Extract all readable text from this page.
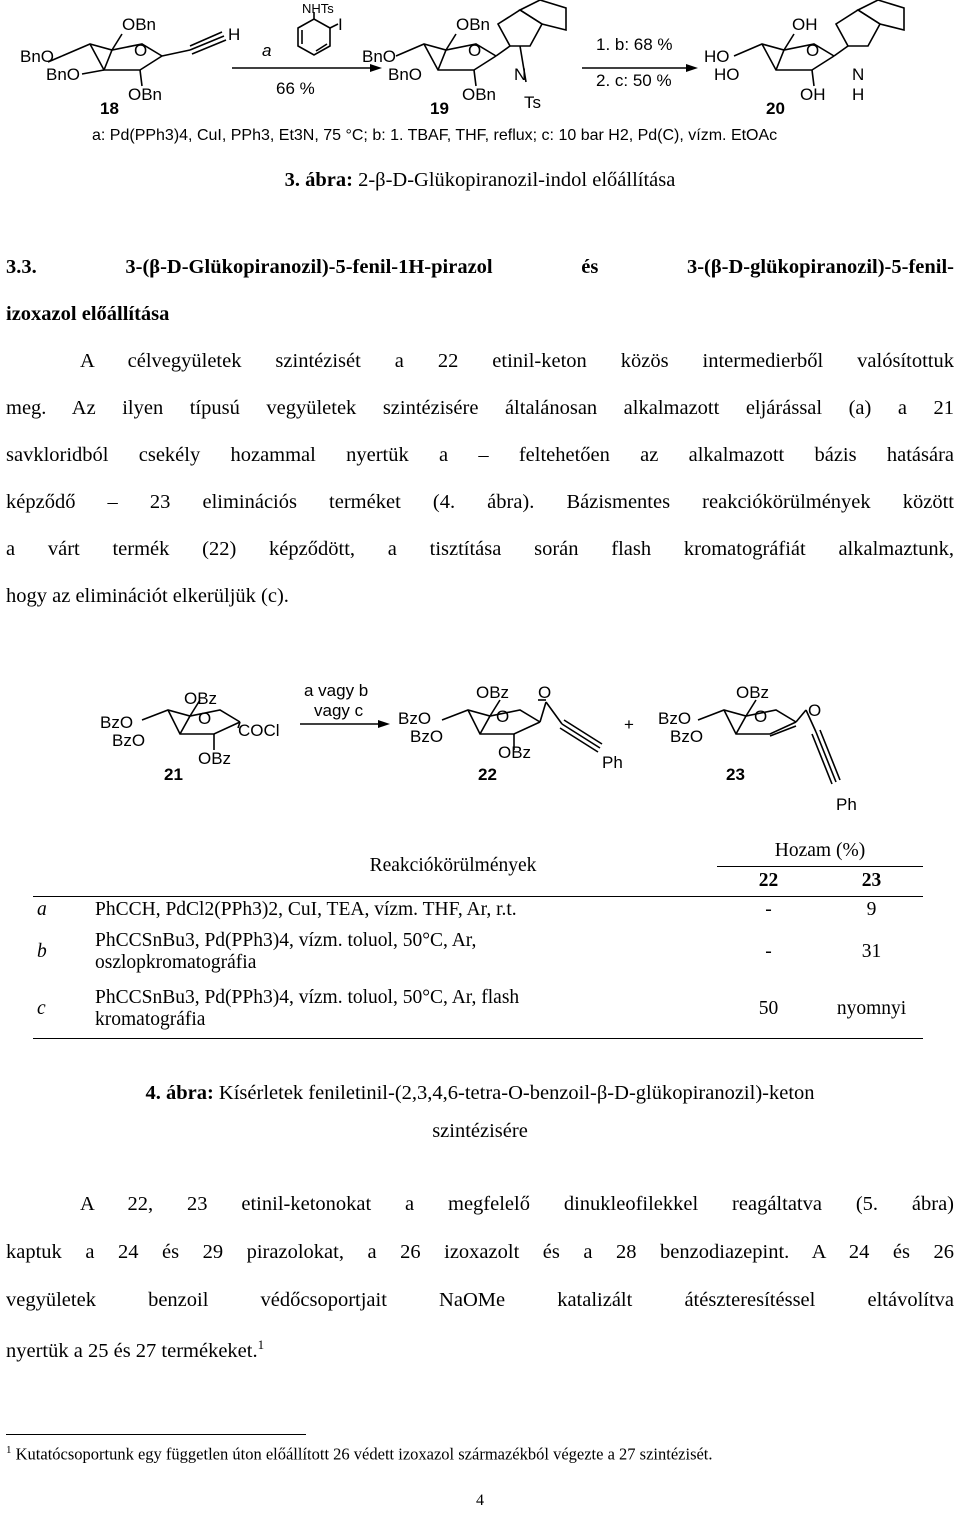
OBn
O
BnO
BnO
OBn
H
NHTs
I
a
66 %
OBn
O
BnO
BnO
OBn
N
Ts
1. b: 68 %
2. c: 50 %
OH
O
HO
HO
OH
N
H
18	19	20
a: Pd(PPh3)4, CuI, PPh3, Et3N, 75 °C; b: 1. TBAF, THF, reflux; c: 10 bar H2, Pd(C), vízm. EtOAc
3. ábra: 2-β-D-Glükopiranozil-indol előállítása
3.3. 3-(β-D-Glükopiranozil)-5-fenil-1H-pirazol és 3-(β-D-glükopiranozil)-5-fenil-
izoxazol előállítása
A célvegyületek szintézisét a 22 etinil-keton közös intermedierből valósítottuk
meg. Az ilyen típusú vegyületek szintézisére általánosan alkalmazott eljárással (a) a 21
savkloridból csekély hozammal nyertük a – feltehetően az alkalmazott bázis hatására
képződő – 23 eliminációs terméket (4. ábra). Bázismentes reakciókörülmények között
a várt termék (22) képződött, a tisztítása során flash kromatográfiát alkalmaztunk,
hogy az eliminációt elkerüljük (c).
OBz
O
BzO
BzO
OBz
COCl
a vagy b
vagy c
OBz
O
O
BzO
BzO
OBz
Ph
+
OBz
O O
BzO
BzO
Ph
21	22	23
Reakciókörülmények		Hozam (%)	
		22	23
a	PhCCH, PdCl2(PPh3)2, CuI, TEA, vízm. THF, Ar, r.t.	-	9
b	PhCCSnBu3, Pd(PPh3)4, vízm. toluol, 50°C, Ar,
oszlopkromatográfia	-	31
c	PhCCSnBu3, Pd(PPh3)4, vízm. toluol, 50°C, Ar, flash
kromatográfia	50	nyomnyi
4. ábra: Kísérletek feniletinil-(2,3,4,6-tetra-O-benzoil-β-D-glükopiranozil)-keton
szintézisére
A 22, 23 etinil-ketonokat a megfelelő dinukleofilekkel reagáltatva (5. ábra)
kaptuk a 24 és 29 pirazolokat, a 26 izoxazolt és a 28 benzodiazepint. A 24 és 26
vegyületek benzoil védőcsoportjait NaOMe katalizált átészteresítéssel eltávolítva
nyertük a 25 és 27 termékeket.$^1$
$^1$ Kutatócsoportunk egy független úton előállított 26 védett izoxazol származékból végezte a 27 szintézisét.
4
